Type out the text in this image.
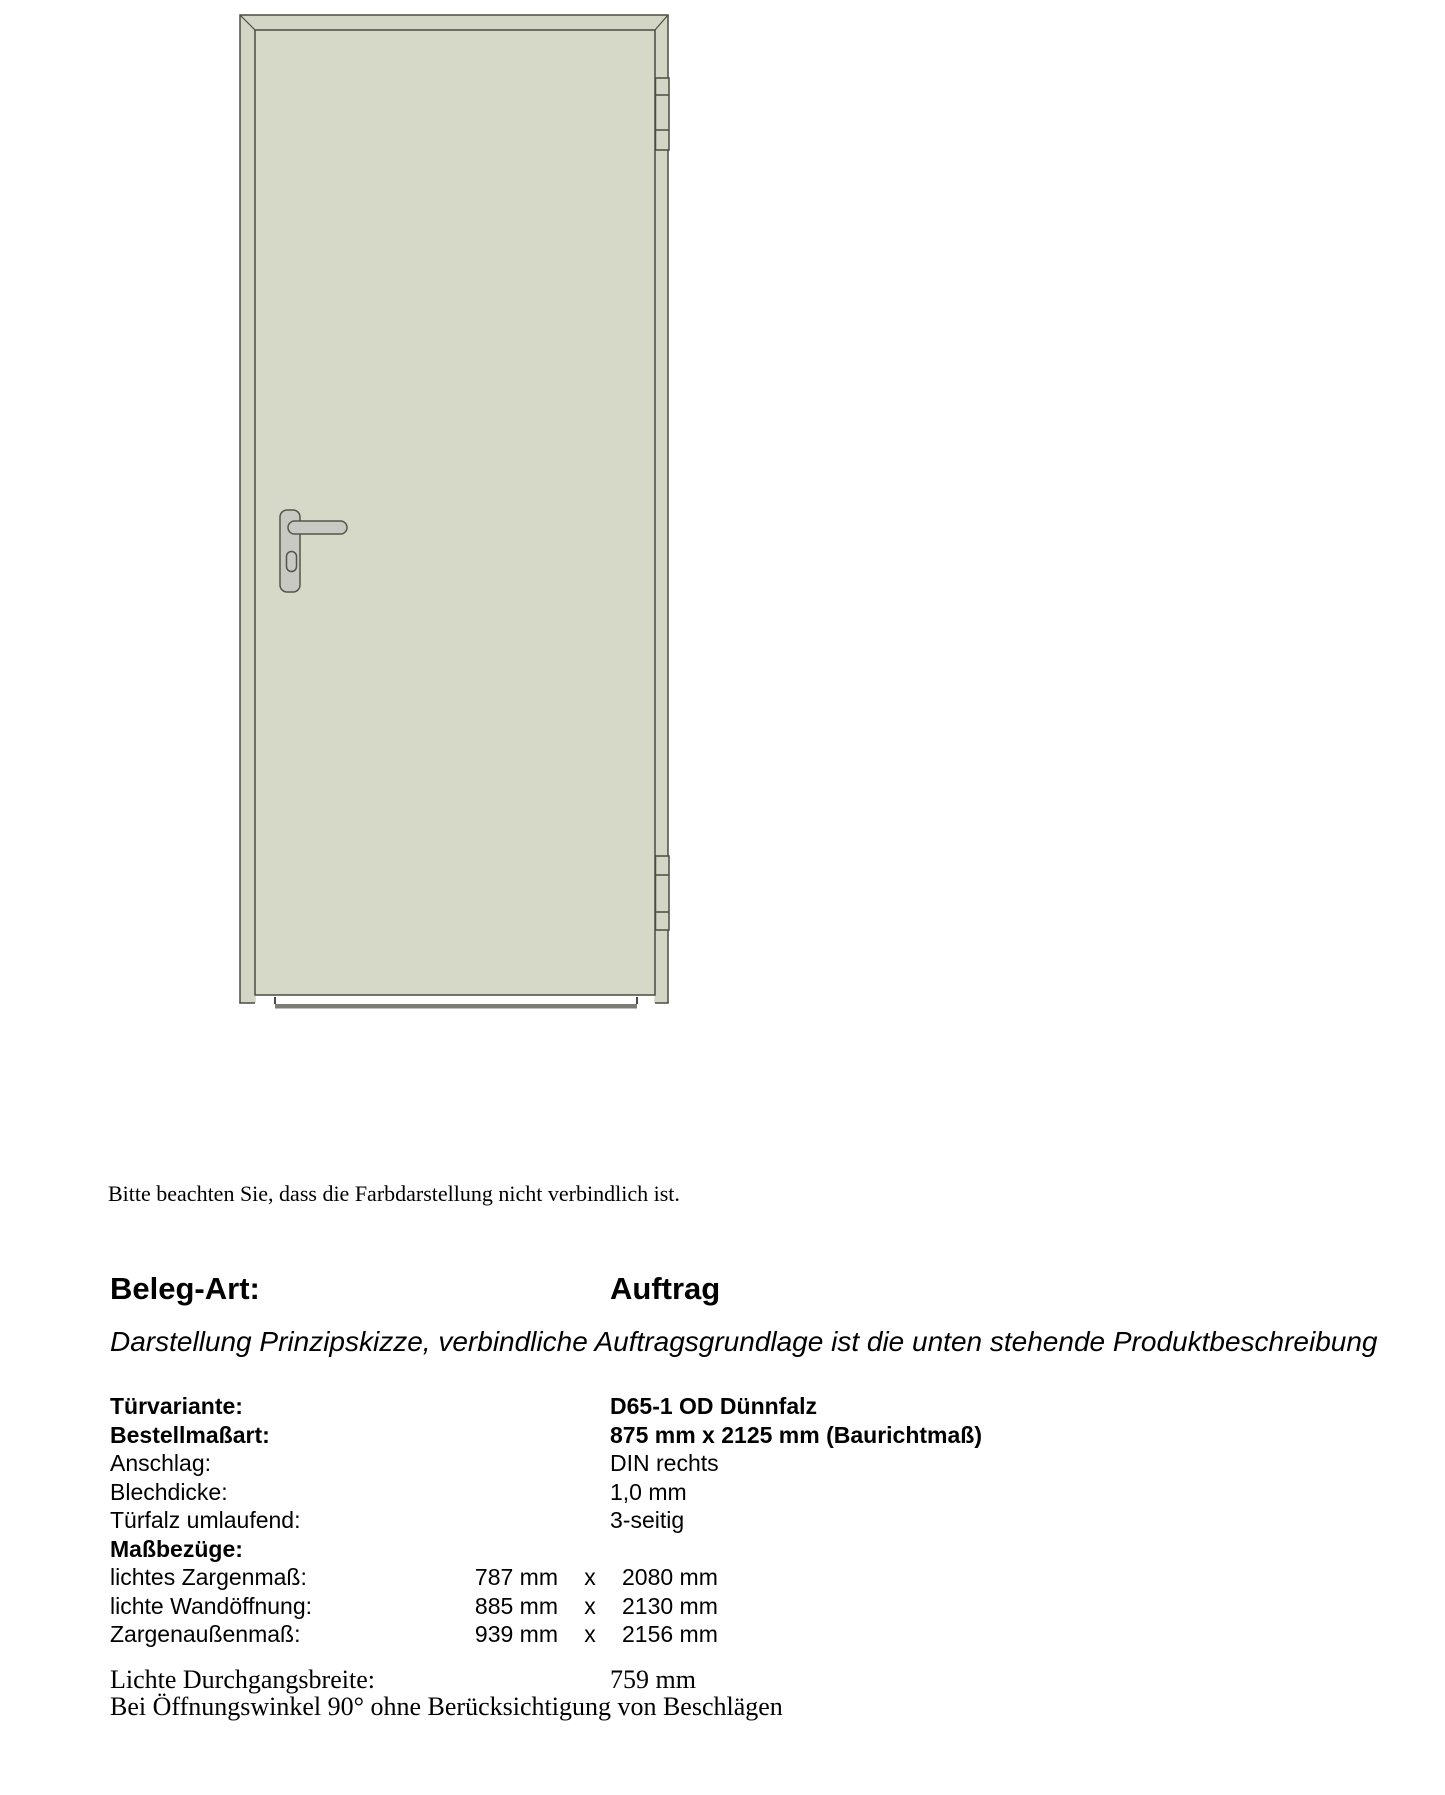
Bitte beachten Sie, dass die Farbdarstellung nicht verbindlich ist.
Beleg-Art:	Auftrag
Darstellung Prinzipskizze, verbindliche Auftragsgrundlage ist die unten stehende Produktbeschreibung
Türvariante:	D65-1 OD Dünnfalz
Bestellmaßart:	875 mm x 2125 mm (Baurichtmaß)
Anschlag:	DIN rechts
Blechdicke:	1,0 mm
Türfalz umlaufend:	3-seitig
Maßbezüge:
lichtes Zargenmaß:	787 mm x 2080 mm
lichte Wandöffnung:	885 mm x 2130 mm
Zargenaußenmaß:	939 mm x 2156 mm
Lichte Durchgangsbreite:	759 mm
Bei Öffnungswinkel 90° ohne Berücksichtigung von Beschlägen
